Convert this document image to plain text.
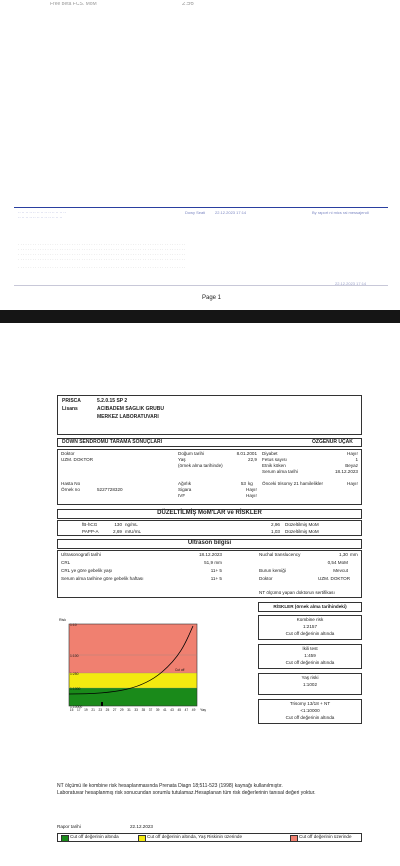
Free beta FCS. MoM	2:56
·· ·· ·· ·· ·· ·· ·· ·· ·· ·· ·· ·· ··
·· ·· ·· ·· ·· ·· ·· ·· ·· ·· ·· ··
Dowy Seati 22.12.2023 17:14	By raport ni mics rai messajendi
· · · · · · · · · · · · · · · · · · · · · · · · · · · · · · · · · · · · · · · · · · · · · · · · · · · · · · · · · · · · · · · · · · · · ·
· · · · · · · · · · · · · · · · · · · · · · · · · · · · · · · · · · · · · · · · · · · · · · · · · · · · · · · · · · · · · · · · · · · · ·
· · · · · · · · · · · · · · · · · · · · · · · · · · · · · · · · · · · · · · · · · · · · · · · · · · · · · · · · · · · · · · · · · · · · ·
· · · · · · · · · · · · · · · · · · · · · · · · · · · · · · · · · · · · · · · · · · · · · · · · · · · · · · · · · · · · · · · · · · · · ·
· · · · · · · · · · · · · · · · · · · · · · · · · · · · · · · · · · · · · · · · · · · · · · · · · · · · · · · · · · · · · · · · · · · · ·
22.12.2023 17:14
Page 1
PRISCA	5.2.0.15 SP 2
Lisans	ACIBADEM SAGLIK GRUBU
MERKEZ LABORATUVARI
DOWN SENDROMU TARAMA SONUÇLARI	ÖZGENUR UÇAK
Doktor
UZM. DOKTOR
Doğum tarihi	8.01.2001
Yaş	22,9
(örnek alma tarihinde)
Diyabet	Hayır
Fetus sayısı	1
Etnik köken	Beyaz
Serum alma tarihi	18.12.2023
Hasta No
Örnek no	5227728320
Ağırlık	53 kg
Sigara	Hayır
IVF	Hayır
Önceki trisomy 21 hamilelikler	Hayır
DÜZELTİLMİŞ MoM'LAR ve RİSKLER
fB-hCG	130 ng/mL	2,96 Düzeltilmiş MoM
PAPP-A	2,69 mIU/mL	1,03 Düzeltilmiş MoM
Ultrason bilgisi
Ultrasonografi tarihi	18.12.2023	Nuchal translucency	1,30 mm
CRL	51,9 mm	0,54 MoM
CRL ye göre gebelik yaşı	11+ 5	Burun kemiği	Mevcut
Serum alma tarihine göre gebelik haftası	11+ 5	Doktor	UZM. DOKTOR
NT ölçümü yapan doktorun sertifikası
RİSKLER (örnek alma tarihindeki)
Kombine risk
1:2157
Cut off değerinin altında
İkili test
1:459
Cut off değerinin altında
Yaş riski
1:1002
Trisomy 13/18 + NT
<1:10000
Cut off değerinin altında
1:10
1:100
1:250
1:1000
1:10000
Risk
15 17 19 21 23 25 27 29 31 33 35 37 39 41 43 45 47 49 Yaş
Cut off
NT ölçümü ile kombine risk hesaplanmasında Prenata Diagn 18;511-523 (1998) kaynağı kullanılmıştır.
Laboratuvar hesaplanmış risk sonucundan sorumlu tutulamaz.Hesaplanan tüm risk değerlerinin tanısal değeri yoktur.
Rapor tarihi	22.12.2023
Cut off değerinin altında	Cut off değerinin altında, Yaş Riskinin üzerinde	Cut off değerinin üzerinde
